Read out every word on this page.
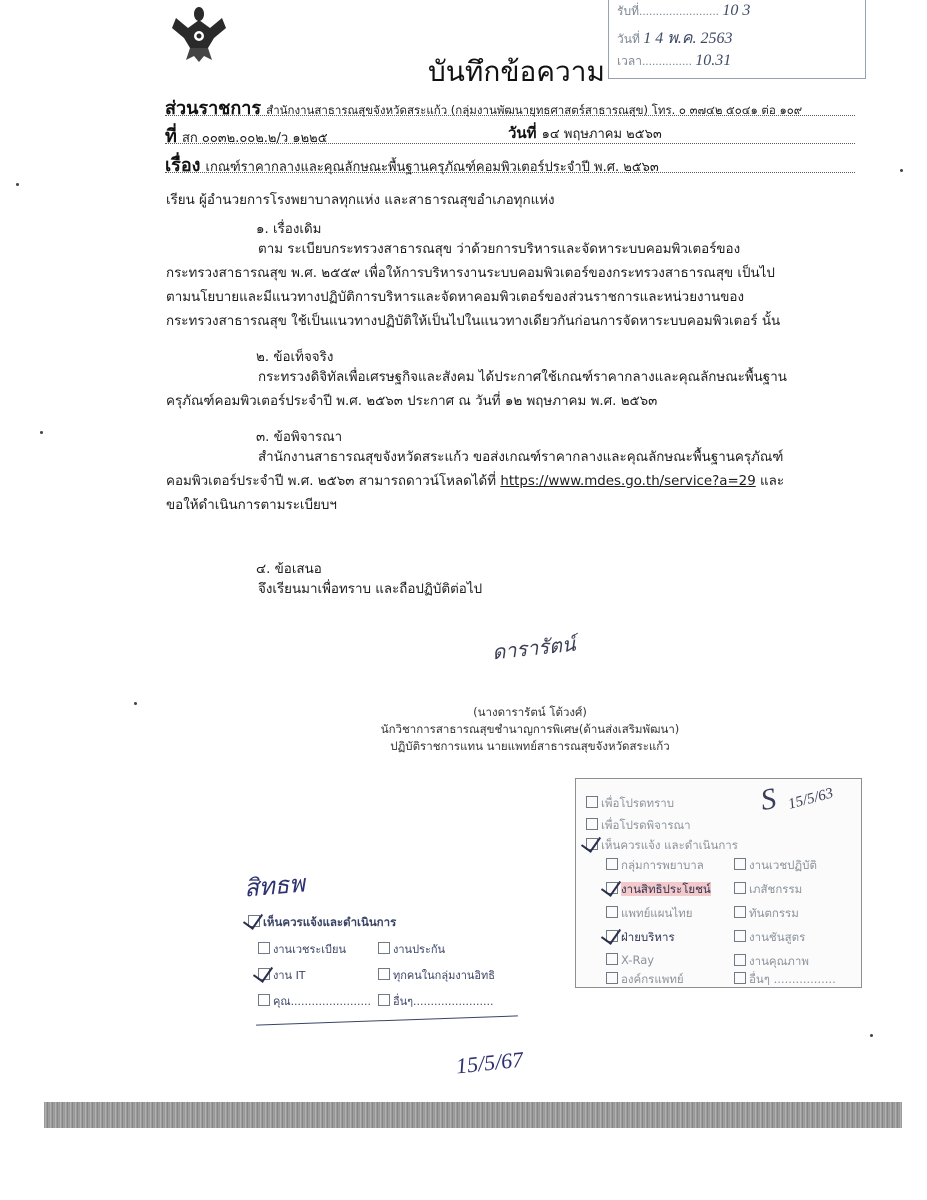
รับที่........................ 10 3
วันที่ 1 4 พ.ค. 2563
เวลา............... 10.31
บันทึกข้อความ
ส่วนราชการ สำนักงานสาธารณสุขจังหวัดสระแก้ว (กลุ่มงานพัฒนายุทธศาสตร์สาธารณสุข) โทร. ๐ ๓๗๔๒ ๕๐๔๑ ต่อ ๑๐๙
ที่ สก ๐๐๓๒.๐๐๒.๒/ว ๑๒๒๕	วันที่ ๑๔ พฤษภาคม ๒๕๖๓
เรื่อง เกณฑ์ราคากลางและคุณลักษณะพื้นฐานครุภัณฑ์คอมพิวเตอร์ประจำปี พ.ศ. ๒๕๖๓
เรียน ผู้อำนวยการโรงพยาบาลทุกแห่ง และสาธารณสุขอำเภอทุกแห่ง
๑. เรื่องเดิม
ตาม ระเบียบกระทรวงสาธารณสุข ว่าด้วยการบริหารและจัดหาระบบคอมพิวเตอร์ของ
กระทรวงสาธารณสุข พ.ศ. ๒๕๕๙ เพื่อให้การบริหารงานระบบคอมพิวเตอร์ของกระทรวงสาธารณสุข เป็นไป
ตามนโยบายและมีแนวทางปฏิบัติการบริหารและจัดหาคอมพิวเตอร์ของส่วนราชการและหน่วยงานของ
กระทรวงสาธารณสุข ใช้เป็นแนวทางปฏิบัติให้เป็นไปในแนวทางเดียวกันก่อนการจัดหาระบบคอมพิวเตอร์ นั้น
๒. ข้อเท็จจริง
กระทรวงดิจิทัลเพื่อเศรษฐกิจและสังคม ได้ประกาศใช้เกณฑ์ราคากลางและคุณลักษณะพื้นฐาน
ครุภัณฑ์คอมพิวเตอร์ประจำปี พ.ศ. ๒๕๖๓ ประกาศ ณ วันที่ ๑๒ พฤษภาคม พ.ศ. ๒๕๖๓
๓. ข้อพิจารณา
สำนักงานสาธารณสุขจังหวัดสระแก้ว ขอส่งเกณฑ์ราคากลางและคุณลักษณะพื้นฐานครุภัณฑ์
คอมพิวเตอร์ประจำปี พ.ศ. ๒๕๖๓ สามารถดาวน์โหลดได้ที่ https://www.mdes.go.th/service?a=29 และ
ขอให้ดำเนินการตามระเบียบฯ
๔. ข้อเสนอ
จึงเรียนมาเพื่อทราบ และถือปฏิบัติต่อไป
ดารารัตน์
(นางดารารัตน์ โต้วงศ์)
นักวิชาการสาธารณสุขชำนาญการพิเศษ(ด้านส่งเสริมพัฒนา)
ปฏิบัติราชการแทน นายแพทย์สาธารณสุขจังหวัดสระแก้ว
S 15/5/63
เพื่อโปรดทราบ
เพื่อโปรดพิจารณา
เห็นควรแจ้ง และดำเนินการ
กลุ่มการพยาบาล	งานเวชปฏิบัติ
งานสิทธิประโยชน์	เภสัชกรรม
แพทย์แผนไทย	ทันตกรรม
ฝ่ายบริหาร	งานชันสูตร
X-Ray	งานคุณภาพ
องค์กรแพทย์	อื่นๆ .................
สิทธพ
เห็นควรแจ้งและดำเนินการ
งานเวชระเบียน	งานประกัน
งาน IT	ทุกคนในกลุ่มงานอิทธิ
คุณ.......................	อื่นๆ.......................
15/5/67
